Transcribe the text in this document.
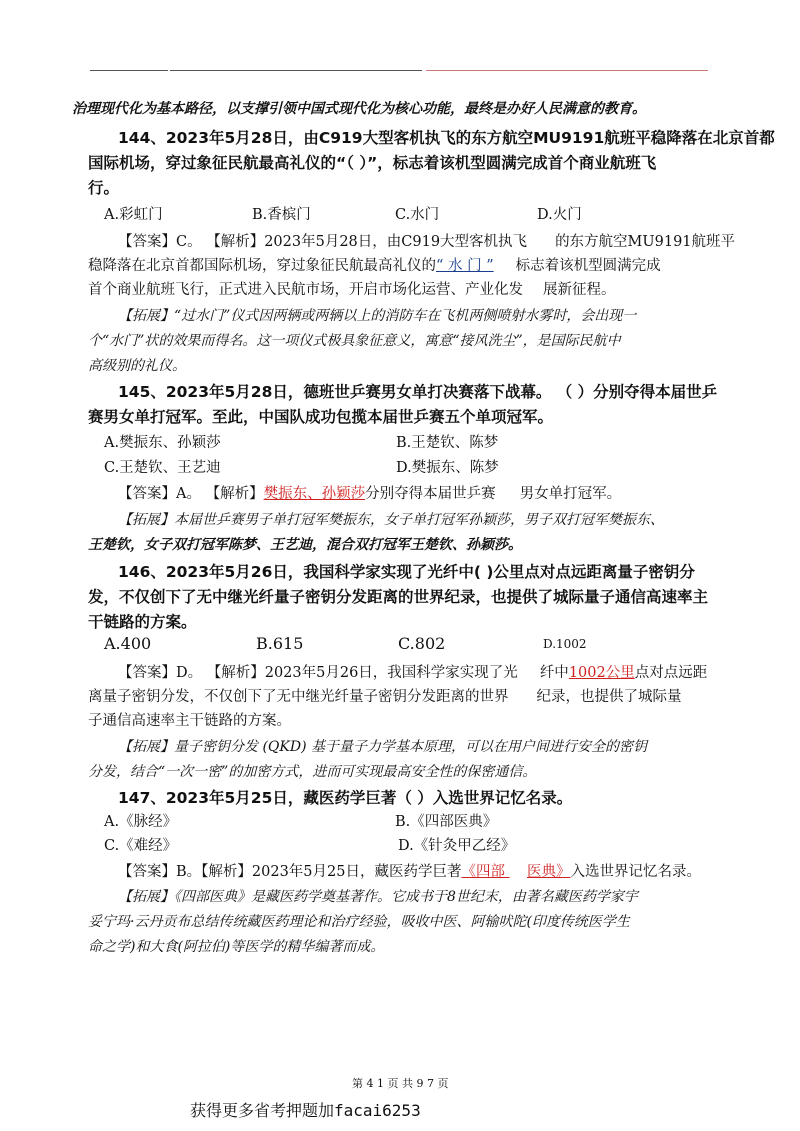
治理现代化为基本路径，以支撑引领中国式现代化为核心功能，最终是办好人民满意的教育。
144、2023年5月28日，由C919大型客机执飞的东方航空MU9191航班平稳降落在北京首都
国际机场，穿过象征民航最高礼仪的“（ ）”，标志着该机型圆满完成首个商业航班飞
行。
A.彩虹门	B.香槟门	C.水门	D.火门
【答案】C。 【解析】2023年5月28日，由C919大型客机执飞 的东方航空MU9191航班平
稳降落在北京首都国际机场，穿过象征民航最高礼仪的“ 水 门 ” 标志着该机型圆满完成
首个商业航班飞行，正式进入民航市场，开启市场化运营、产业化发 展新征程。
【拓展】“过水门”仪式因两辆或两辆以上的消防车在飞机两侧喷射水雾时，会出现一
个“水门”状的效果而得名。这一项仪式极具象征意义，寓意“接风洗尘”，是国际民航中
高级别的礼仪。
145、2023年5月28日，德班世乒赛男女单打决赛落下战幕。 （ ）分别夺得本届世乒
赛男女单打冠军。至此，中国队成功包揽本届世乒赛五个单项冠军。
A.樊振东、孙颖莎	B.王楚钦、陈梦
C.王楚钦、王艺迪	D.樊振东、陈梦
【答案】A。 【解析】樊振东、孙颖莎分别夺得本届世乒赛 男女单打冠军。
【拓展】本届世乒赛男子单打冠军樊振东，女子单打冠军孙颖莎，男子双打冠军樊振东、
王楚钦，女子双打冠军陈梦、王艺迪，混合双打冠军王楚钦、孙颖莎。
146、2023年5月26日，我国科学家实现了光纤中( )公里点对点远距离量子密钥分
发，不仅创下了无中继光纤量子密钥分发距离的世界纪录，也提供了城际量子通信高速率主
干链路的方案。
A.400	B.615	C.802	D.1002
【答案】D。 【解析】2023年5月26日，我国科学家实现了光 纤中1002公里点对点远距
离量子密钥分发，不仅创下了无中继光纤量子密钥分发距离的世界 纪录，也提供了城际量
子通信高速率主干链路的方案。
【拓展】量子密钥分发 (QKD) 基于量子力学基本原理，可以在用户间进行安全的密钥
分发，结合“一次一密”的加密方式，进而可实现最高安全性的保密通信。
147、2023年5月25日，藏医药学巨著（ ）入选世界记忆名录。
A.《脉经》	B.《四部医典》
C.《难经》	D.《针灸甲乙经》
【答案】B。【解析】2023年5月25日，藏医药学巨著《四部 医典》入选世界记忆名录。
【拓展】《四部医典》是藏医药学奠基著作。它成书于8世纪末，由著名藏医药学家宇
妥宁玛·云丹贡布总结传统藏医药理论和治疗经验，吸收中医、阿输吠陀(印度传统医学生
命之学)和大食(阿拉伯)等医学的精华编著而成。
第 4 1 页 共 9 7 页
获得更多省考押题加facai6253
